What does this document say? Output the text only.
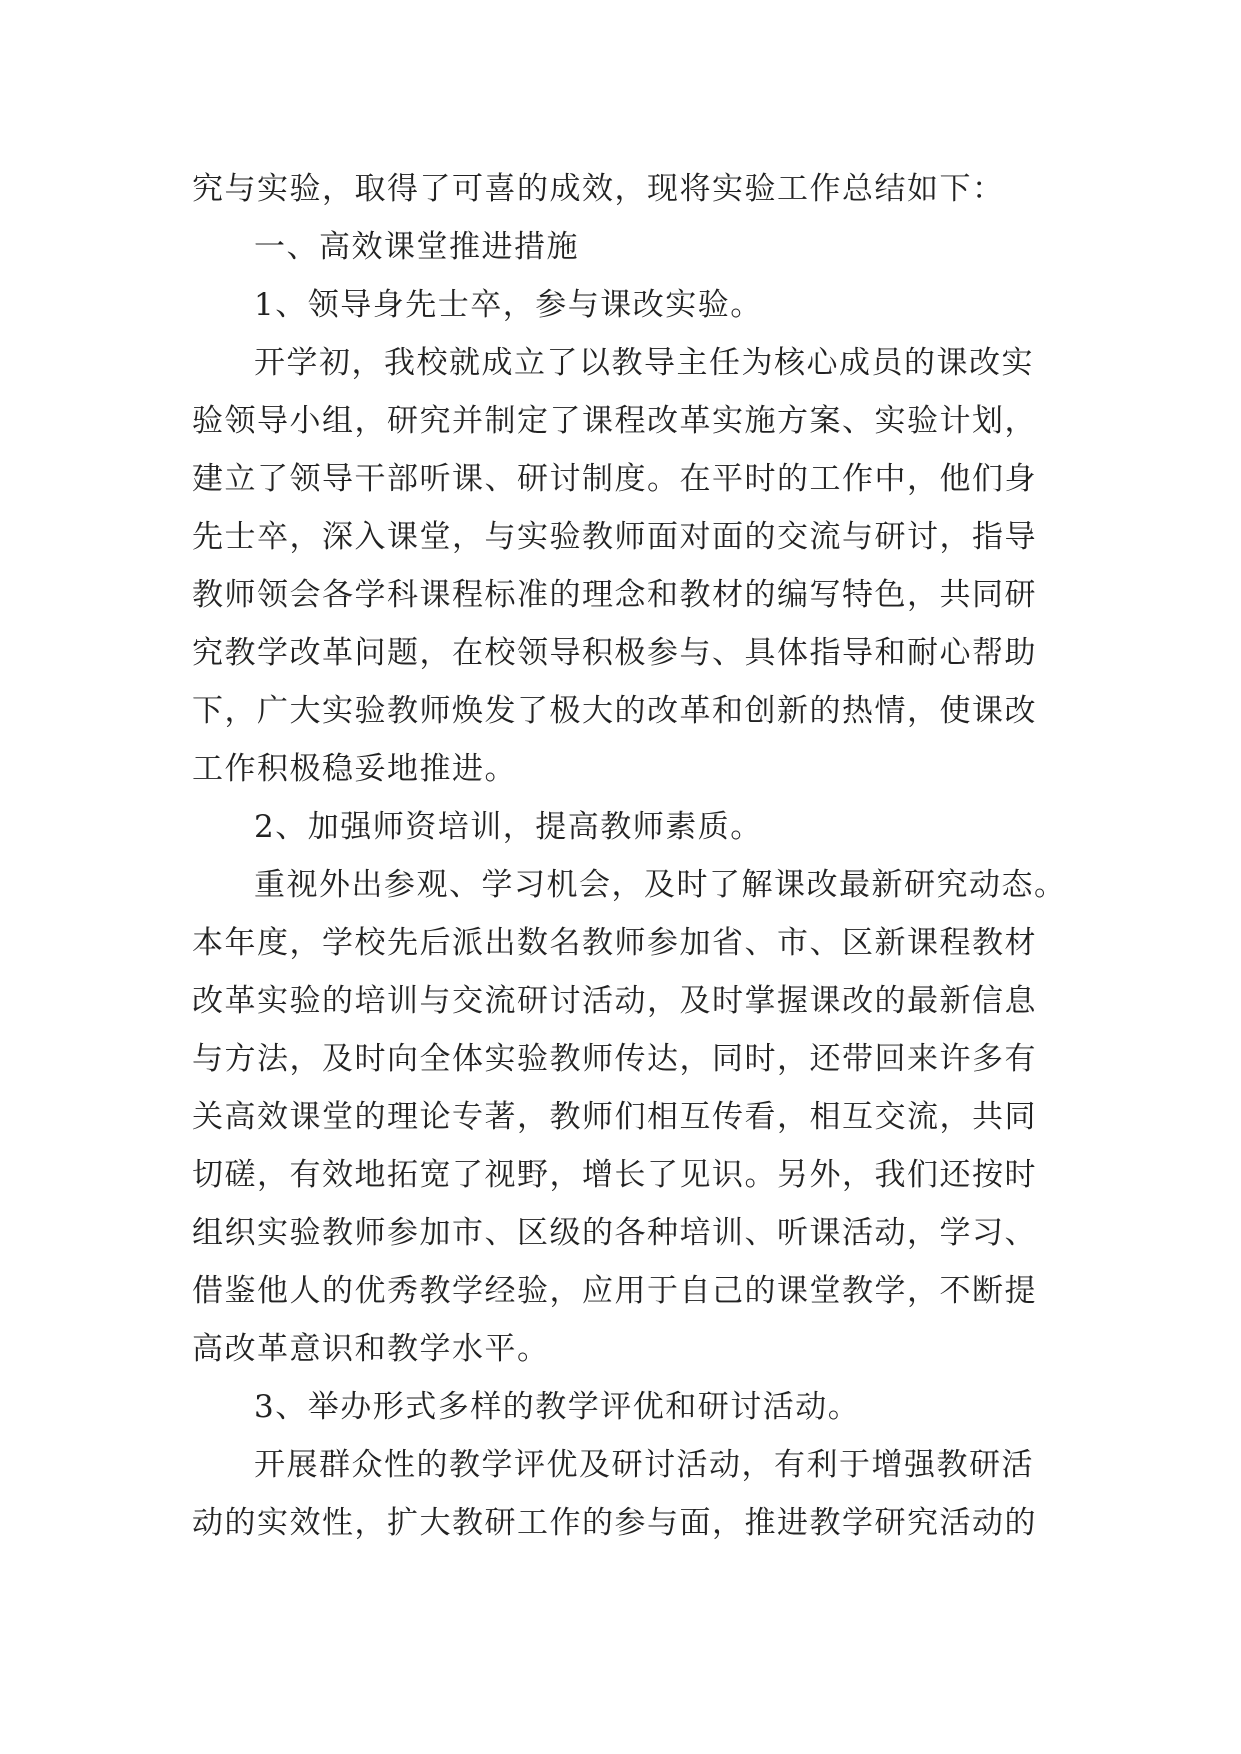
究与实验，取得了可喜的成效，现将实验工作总结如下：
一、高效课堂推进措施
1、领导身先士卒，参与课改实验。
开学初，我校就成立了以教导主任为核心成员的课改实
验领导小组，研究并制定了课程改革实施方案、实验计划，
建立了领导干部听课、研讨制度。在平时的工作中，他们身
先士卒，深入课堂，与实验教师面对面的交流与研讨，指导
教师领会各学科课程标准的理念和教材的编写特色，共同研
究教学改革问题，在校领导积极参与、具体指导和耐心帮助
下，广大实验教师焕发了极大的改革和创新的热情，使课改
工作积极稳妥地推进。
2、加强师资培训，提高教师素质。
重视外出参观、学习机会，及时了解课改最新研究动态。
本年度，学校先后派出数名教师参加省、市、区新课程教材
改革实验的培训与交流研讨活动，及时掌握课改的最新信息
与方法，及时向全体实验教师传达，同时，还带回来许多有
关高效课堂的理论专著，教师们相互传看，相互交流，共同
切磋，有效地拓宽了视野，增长了见识。另外，我们还按时
组织实验教师参加市、区级的各种培训、听课活动，学习、
借鉴他人的优秀教学经验，应用于自己的课堂教学，不断提
高改革意识和教学水平。
3、举办形式多样的教学评优和研讨活动。
开展群众性的教学评优及研讨活动，有利于增强教研活
动的实效性，扩大教研工作的参与面，推进教学研究活动的
